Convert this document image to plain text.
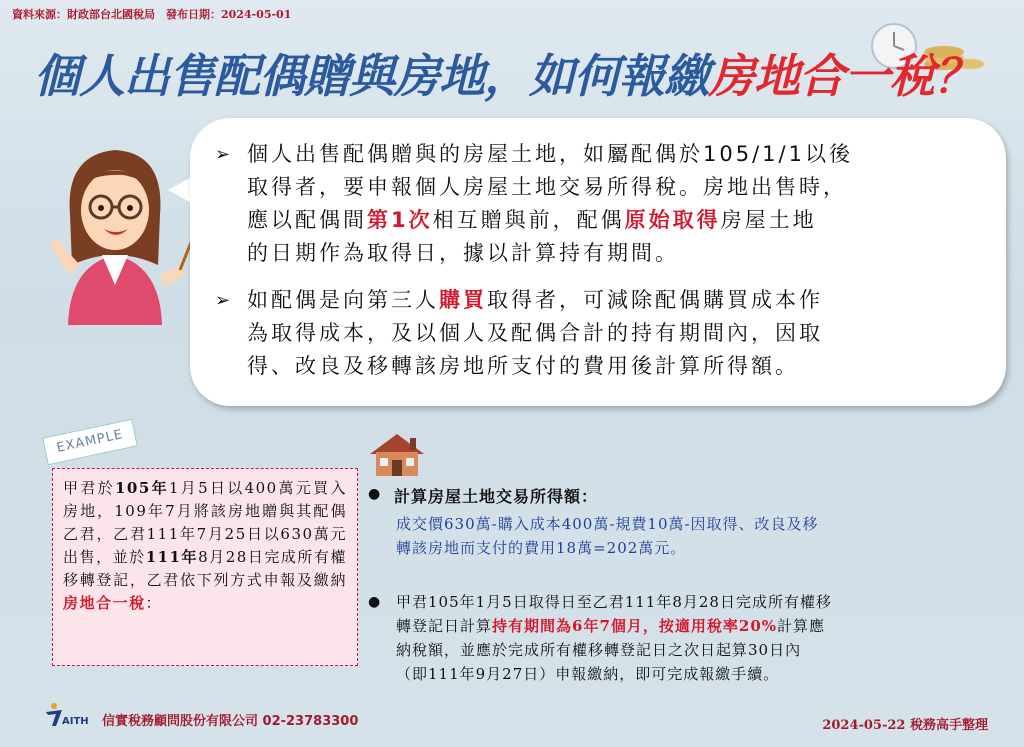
資料來源：財政部台北國稅局　發布日期：2024-05-01
個人出售配偶贈與房地，如何報繳房地合一稅？
➢ 個人出售配偶贈與的房屋土地，如屬配偶於105/1/1以後
取得者，要申報個人房屋土地交易所得稅。房地出售時，
應以配偶間第1次相互贈與前，配偶原始取得房屋土地
的日期作為取得日，據以計算持有期間。
➢ 如配偶是向第三人購買取得者，可減除配偶購買成本作
為取得成本，及以個人及配偶合計的持有期間內，因取
得、改良及移轉該房地所支付的費用後計算所得額。
EXAMPLE
甲君於105年1月5日以400萬元買入房地，109年7月將該房地贈與其配偶乙君，乙君111年7月25日以630萬元出售，並於111年8月28日完成所有權移轉登記，乙君依下列方式申報及繳納房地合一稅：
● 計算房屋土地交易所得額：
成交價630萬-購入成本400萬-規費10萬-因取得、改良及移
轉該房地而支付的費用18萬=202萬元。
● 甲君105年1月5日取得日至乙君111年8月28日完成所有權移
轉登記日計算持有期間為6年7個月，按適用稅率20%計算應
納稅額，並應於完成所有權移轉登記日之次日起算30日內
（即111年9月27日）申報繳納，即可完成報繳手續。
AITH 信實稅務顧問股份有限公司 02-23783300	2024-05-22 稅務高手整理
